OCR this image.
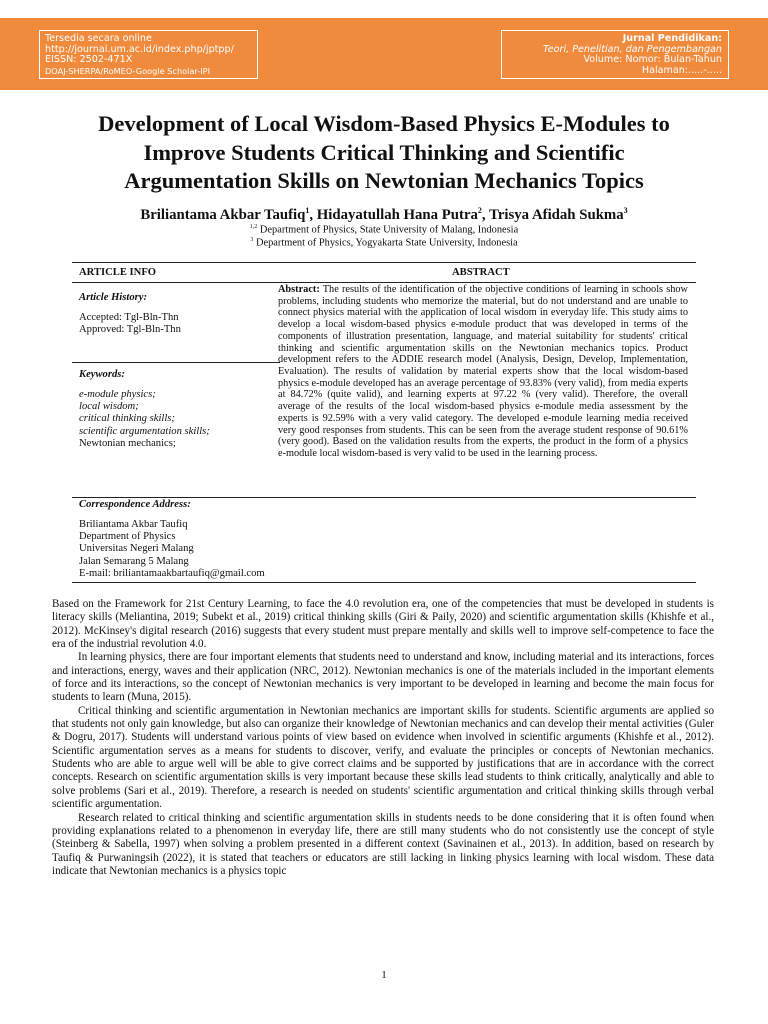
Tersedia secara online
http://journal.um.ac.id/index.php/jptpp/
EISSN: 2502-471X
DOAJ-SHERPA/RoMEO-Google Scholar-IPI
Jurnal Pendidikan:
Teori, Penelitian, dan Pengembangan
Volume: Nomor: Bulan-Tahun
Halaman:.....-.....
Development of Local Wisdom-Based Physics E-Modules to
Improve Students Critical Thinking and Scientific
Argumentation Skills on Newtonian Mechanics Topics
Briliantama Akbar Taufiq$^1$, Hidayatullah Hana Putra$^2$, Trisya Afidah Sukma$^3$
$^{1,2}$ Department of Physics, State University of Malang, Indonesia
$^3$ Department of Physics, Yogyakarta State University, Indonesia
ARTICLE INFO	ABSTRACT
Article History:
Accepted: Tgl-Bln-Thn
Approved: Tgl-Bln-Thn
Keywords:
e-module physics;
local wisdom;
critical thinking skills;
scientific argumentation skills;
Newtonian mechanics;
Correspondence Address:
Briliantama Akbar Taufiq
Department of Physics
Universitas Negeri Malang
Jalan Semarang 5 Malang
E-mail: briliantamaakbartaufiq@gmail.com
Abstract: The results of the identification of the objective conditions of learning in schools show problems, including students who memorize the material, but do not understand and are unable to connect physics material with the application of local wisdom in everyday life. This study aims to develop a local wisdom-based physics e-module product that was developed in terms of the components of illustration presentation, language, and material suitability for students' critical thinking and scientific argumentation skills on the Newtonian mechanics topics. Product development refers to the ADDIE research model (Analysis, Design, Develop, Implementation, Evaluation). The results of validation by material experts show that the local wisdom-based physics e-module developed has an average percentage of 93.83% (very valid), from media experts at 84.72% (quite valid), and learning experts at 97.22 % (very valid). Therefore, the overall average of the results of the local wisdom-based physics e-module media assessment by the experts is 92.59% with a very valid category. The developed e-module learning media received very good responses from students. This can be seen from the average student response of 90.61% (very good). Based on the validation results from the experts, the product in the form of a physics e-module local wisdom-based is very valid to be used in the learning process.

Based on the Framework for 21st Century Learning, to face the 4.0 revolution era, one of the competencies that must be developed in students is literacy skills (Meliantina, 2019; Subekt et al., 2019) critical thinking skills (Giri & Paily, 2020) and scientific argumentation skills (Khishfe et al., 2012). McKinsey's digital research (2016) suggests that every student must prepare mentally and skills well to improve self-competence to face the era of the industrial revolution 4.0.

In learning physics, there are four important elements that students need to understand and know, including material and its interactions, forces and interactions, energy, waves and their application (NRC, 2012). Newtonian mechanics is one of the materials included in the important elements of force and its interactions, so the concept of Newtonian mechanics is very important to be developed in learning and become the main focus for students to learn (Muna, 2015).

Critical thinking and scientific argumentation in Newtonian mechanics are important skills for students. Scientific arguments are applied so that students not only gain knowledge, but also can organize their knowledge of Newtonian mechanics and can develop their mental activities (Guler & Dogru, 2017). Students will understand various points of view based on evidence when involved in scientific arguments (Khishfe et al., 2012). Scientific argumentation serves as a means for students to discover, verify, and evaluate the principles or concepts of Newtonian mechanics. Students who are able to argue well will be able to give correct claims and be supported by justifications that are in accordance with the correct concepts. Research on scientific argumentation skills is very important because these skills lead students to think critically, analytically and able to solve problems (Sari et al., 2019). Therefore, a research is needed on students' scientific argumentation and critical thinking skills through verbal scientific argumentation.

Research related to critical thinking and scientific argumentation skills in students needs to be done considering that it is often found when providing explanations related to a phenomenon in everyday life, there are still many students who do not consistently use the concept of style (Steinberg & Sabella, 1997) when solving a problem presented in a different context (Savinainen et al., 2013). In addition, based on research by Taufiq & Purwaningsih (2022), it is stated that teachers or educators are still lacking in linking physics learning with local wisdom. These data indicate that Newtonian mechanics is a physics topic

1
